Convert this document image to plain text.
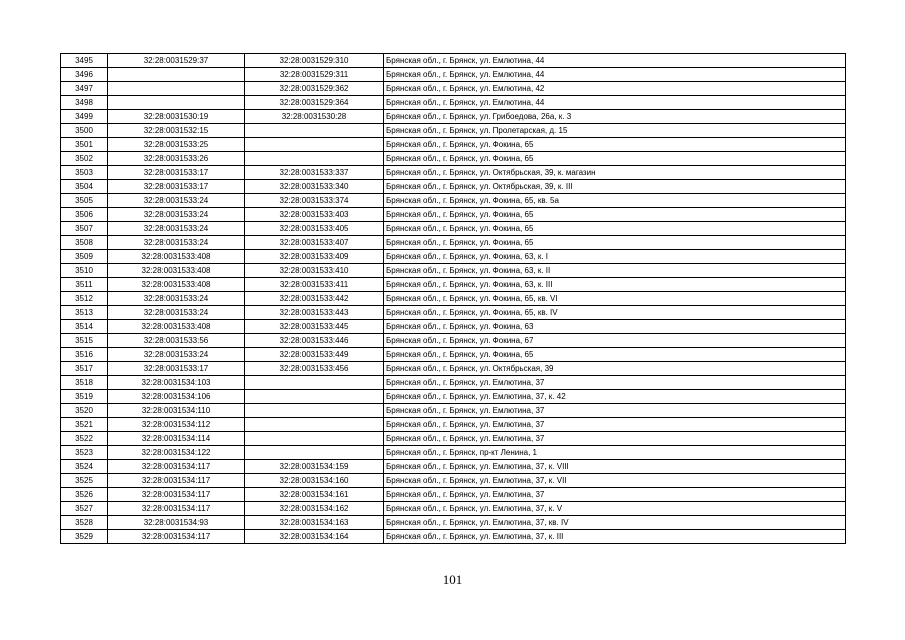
3495	32:28:0031529:37	32:28:0031529:310	Брянская обл., г. Брянск, ул. Емлютина, 44
3496		32:28:0031529:311	Брянская обл., г. Брянск, ул. Емлютина, 44
3497		32:28:0031529:362	Брянская обл., г. Брянск, ул. Емлютина, 42
3498		32:28:0031529:364	Брянская обл., г. Брянск, ул. Емлютина, 44
3499	32:28:0031530:19	32:28:0031530:28	Брянская обл., г. Брянск, ул. Грибоедова, 26а, к. 3
3500	32:28:0031532:15		Брянская обл., г. Брянск, ул. Пролетарская, д. 15
3501	32:28:0031533:25		Брянская обл., г. Брянск, ул. Фокина, 65
3502	32:28:0031533:26		Брянская обл., г. Брянск, ул. Фокина, 65
3503	32:28:0031533:17	32:28:0031533:337	Брянская обл., г. Брянск, ул. Октябрьская, 39, к. магазин
3504	32:28:0031533:17	32:28:0031533:340	Брянская обл., г. Брянск, ул. Октябрьская, 39, к. III
3505	32:28:0031533:24	32:28:0031533:374	Брянская обл., г. Брянск, ул. Фокина, 65, кв. 5а
3506	32:28:0031533:24	32:28:0031533:403	Брянская обл., г. Брянск, ул. Фокина, 65
3507	32:28:0031533:24	32:28:0031533:405	Брянская обл., г. Брянск, ул. Фокина, 65
3508	32:28:0031533:24	32:28:0031533:407	Брянская обл., г. Брянск, ул. Фокина, 65
3509	32:28:0031533:408	32:28:0031533:409	Брянская обл., г. Брянск, ул. Фокина, 63, к. I
3510	32:28:0031533:408	32:28:0031533:410	Брянская обл., г. Брянск, ул. Фокина, 63, к. II
3511	32:28:0031533:408	32:28:0031533:411	Брянская обл., г. Брянск, ул. Фокина, 63, к. III
3512	32:28:0031533:24	32:28:0031533:442	Брянская обл., г. Брянск, ул. Фокина, 65, кв. VI
3513	32:28:0031533:24	32:28:0031533:443	Брянская обл., г. Брянск, ул. Фокина, 65, кв. IV
3514	32:28:0031533:408	32:28:0031533:445	Брянская обл., г. Брянск, ул. Фокина, 63
3515	32:28:0031533:56	32:28:0031533:446	Брянская обл., г. Брянск, ул. Фокина, 67
3516	32:28:0031533:24	32:28:0031533:449	Брянская обл., г. Брянск, ул. Фокина, 65
3517	32:28:0031533:17	32:28:0031533:456	Брянская обл., г. Брянск, ул. Октябрьская, 39
3518	32:28:0031534:103		Брянская обл., г. Брянск, ул. Емлютина, 37
3519	32:28:0031534:106		Брянская обл., г. Брянск, ул. Емлютина, 37, к. 42
3520	32:28:0031534:110		Брянская обл., г. Брянск, ул. Емлютина, 37
3521	32:28:0031534:112		Брянская обл., г. Брянск, ул. Емлютина, 37
3522	32:28:0031534:114		Брянская обл., г. Брянск, ул. Емлютина, 37
3523	32:28:0031534:122		Брянская обл., г. Брянск, пр-кт Ленина, 1
3524	32:28:0031534:117	32:28:0031534:159	Брянская обл., г. Брянск, ул. Емлютина, 37, к. VIII
3525	32:28:0031534:117	32:28:0031534:160	Брянская обл., г. Брянск, ул. Емлютина, 37, к. VII
3526	32:28:0031534:117	32:28:0031534:161	Брянская обл., г. Брянск, ул. Емлютина, 37
3527	32:28:0031534:117	32:28:0031534:162	Брянская обл., г. Брянск, ул. Емлютина, 37, к. V
3528	32:28:0031534:93	32:28:0031534:163	Брянская обл., г. Брянск, ул. Емлютина, 37, кв. IV
3529	32:28:0031534:117	32:28:0031534:164	Брянская обл., г. Брянск, ул. Емлютина, 37, к. III
101
